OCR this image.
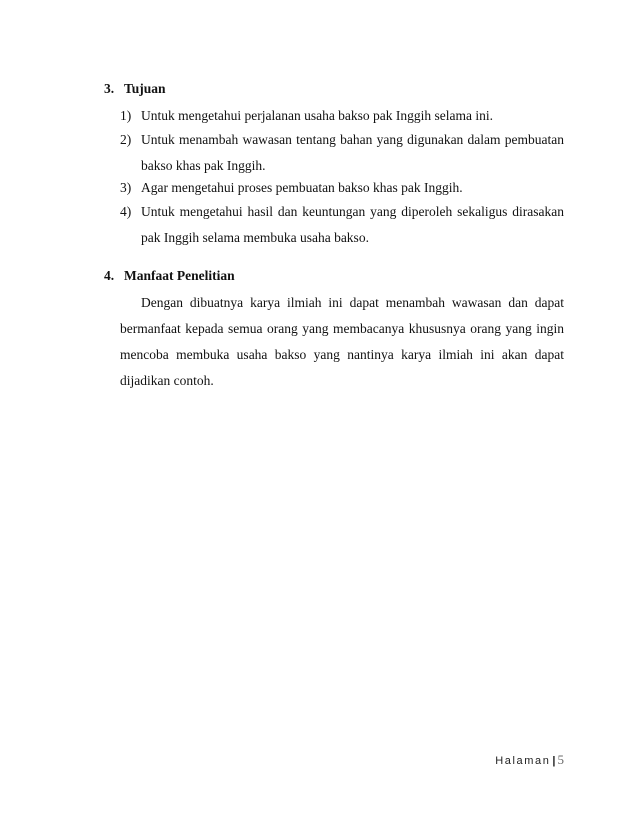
3. Tujuan
1) Untuk mengetahui perjalanan usaha bakso pak Inggih selama ini.
2) Untuk menambah wawasan tentang bahan yang digunakan dalam pembuatan bakso khas pak Inggih.
3) Agar mengetahui proses pembuatan bakso khas pak Inggih.
4) Untuk mengetahui hasil dan keuntungan yang diperoleh sekaligus dirasakan pak Inggih selama membuka usaha bakso.
4. Manfaat Penelitian
Dengan dibuatnya karya ilmiah ini dapat menambah wawasan dan dapat bermanfaat kepada semua orang yang membacanya khususnya orang yang ingin mencoba membuka usaha bakso yang nantinya karya ilmiah ini akan dapat dijadikan contoh.
Halaman | 5
